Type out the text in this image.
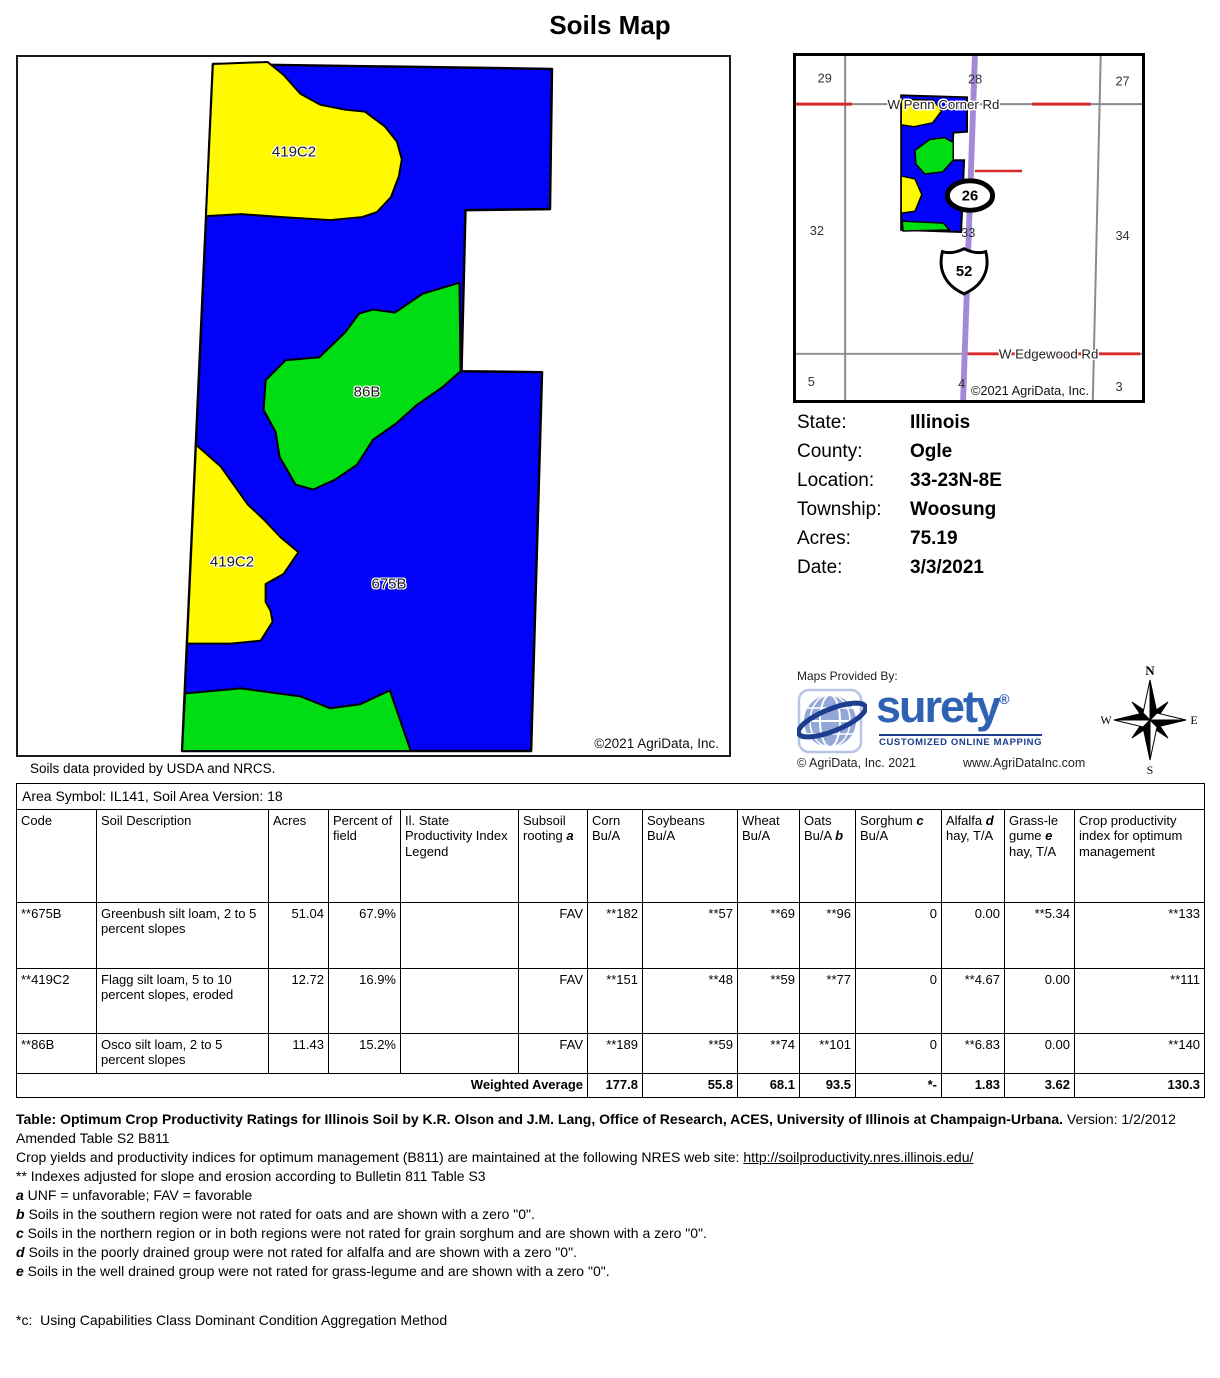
Soils Map
419C2
86B
419C2
675B
©2021 AgriData, Inc.
Soils data provided by USDA and NRCS.
29	28	27
32	33	34
5	4	3
W Penn Corner Rd
W Edgewood Rd
26
52
©2021 AgriData, Inc.
State:	Illinois
County:	Ogle
Location: 33-23N-8E
Township: Woosung
Acres:	75.19
Date:	3/3/2021
Maps Provided By:
surety®
CUSTOMIZED ONLINE MAPPING
© AgriData, Inc. 2021	www.AgriDataInc.com
N
E
S
W
Area Symbol: IL141, Soil Area Version: 18													
Code	Soil Description	Acres	Percent of field	Il. State Productivity Index Legend	Subsoil rooting a	Corn Bu/A	Soybeans Bu/A	Wheat Bu/A	Oats Bu/A b	Sorghum c Bu/A	Alfalfa d hay, T/A	Grass-le gume e hay, T/A	Crop productivity index for optimum management
**675B	Greenbush silt loam, 2 to 5 percent slopes	51.04	67.9%		FAV	**182	**57	**69	**96	0	0.00	**5.34	**133
**419C2	Flagg silt loam, 5 to 10 percent slopes, eroded	12.72	16.9%		FAV	**151	**48	**59	**77	0	**4.67	0.00	**111
**86B	Osco silt loam, 2 to 5 percent slopes	11.43	15.2%		FAV	**189	**59	**74	**101	0	**6.83	0.00	**140
Weighted Average						177.8	55.8	68.1	93.5	*-	1.83	3.62	130.3
Table: Optimum Crop Productivity Ratings for Illinois Soil by K.R. Olson and J.M. Lang, Office of Research, ACES, University of Illinois at Champaign-Urbana. Version: 1/2/2012 Amended Table S2 B811
Crop yields and productivity indices for optimum management (B811) are maintained at the following NRES web site: http://soilproductivity.nres.illinois.edu/
** Indexes adjusted for slope and erosion according to Bulletin 811 Table S3
a UNF = unfavorable; FAV = favorable
b Soils in the southern region were not rated for oats and are shown with a zero "0".
c Soils in the northern region or in both regions were not rated for grain sorghum and are shown with a zero "0".
d Soils in the poorly drained group were not rated for alfalfa and are shown with a zero "0".
e Soils in the well drained group were not rated for grass-legume and are shown with a zero "0".
*c:  Using Capabilities Class Dominant Condition Aggregation Method
